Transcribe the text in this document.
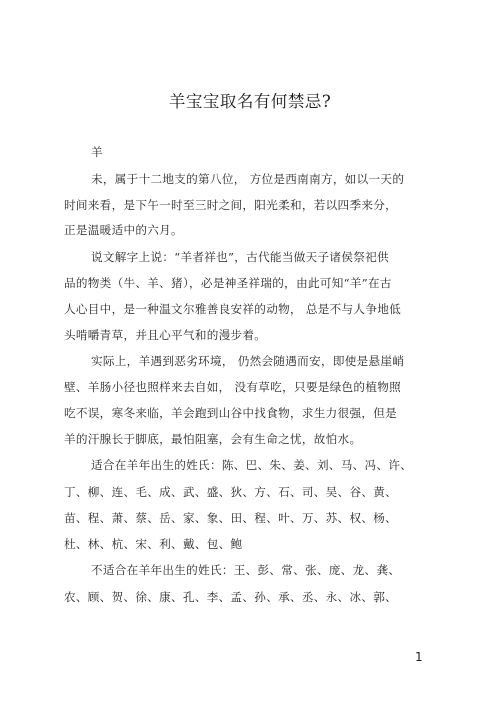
羊宝宝取名有何禁忌?
羊
未，属于十二地支的第八位， 方位是西南南方，如以一天的
时间来看，是下午一时至三时之间，阳光柔和，若以四季来分，
正是温暖适中的六月。
说文解字上说：“羊者祥也”，古代能当做天子诸侯祭祀供
品的物类（牛、羊、猪），必是神圣祥瑞的，由此可知“羊”在古
人心目中，是一种温文尔雅善良安祥的动物， 总是不与人争地低
头啃嚼青草，并且心平气和的漫步着。
实际上，羊遇到恶劣环境， 仍然会随遇而安，即使是悬崖峭
壁、羊肠小径也照样来去自如， 没有草吃，只要是绿色的植物照
吃不误，寒冬来临，羊会跑到山谷中找食物，求生力很强，但是
羊的汗腺长于脚底，最怕阻塞，会有生命之忧，故怕水。
适合在羊年出生的姓氏：陈、巴、朱、姜、刘、马、冯、许、
丁、柳、连、毛、成、武、盛、狄、方、石、司、吴、谷、黄、
苗、程、萧、蔡、岳、家、象、田、程、叶、万、苏、权、杨、
杜、林、杭、宋、利、戴、包、鲍
不适合在羊年出生的姓氏：王、彭、常、张、庞、龙、龚、
农、顾、贺、徐、康、孔、李、孟、孙、承、丞、永、冰、郭、
1
